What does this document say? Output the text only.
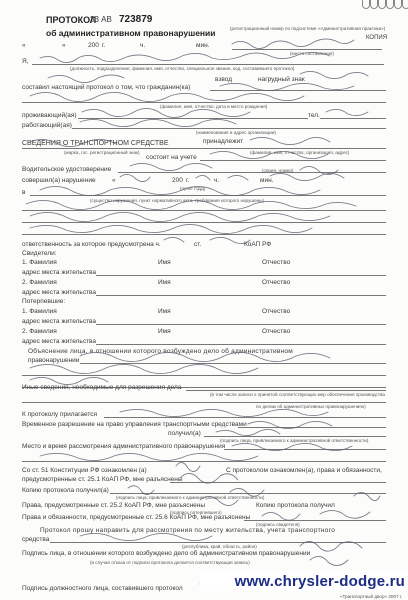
ПРОТОКОЛ
33 АВ 723879
(регистрационный номер по подсистеме «Административная практика»)
об административном правонарушении	КОПИЯ
«	»	200 г.	ч.	мин.
(место составления)
Я,
(должность, подразделение, фамилия, имя, отчество, специальное звание, код, составившего протокол)
взвод	нагрудный знак
составил настоящий протокол о том, что гражданин(ка)
(фамилия, имя, отчество, дата и место рождения)
проживающий(ая)	тел.
работающий(ая)
(наименование и адрес организации)
СВЕДЕНИЯ О ТРАНСПОРТНОМ СРЕДСТВЕ	принадлежит
(марка, гос. регистрационный знак)	(фамилия, имя, отчество, организация, адрес)
состоит на учете
Водительское удостоверение	(серия, номер)
совершил(а) нарушение	«	200 г.	ч.	мин.
в
(пункт ПДД)
(существо нарушения, пункт нормативного акта, требования которого нарушены)
ответственность за которое предусмотрена ч.	ст.	КоАП РФ
Свидетели:
1. Фамилия	Имя	Отчество
адрес места жительства
2. Фамилия	Имя	Отчество
адрес места жительства
Потерпевшие:
1. Фамилия	Имя	Отчество
адрес места жительства
2. Фамилия	Имя	Отчество
адрес места жительства
Объяснение лица, в отношении которого возбуждено дело об административном
правонарушении
Иные сведения, необходимые для разрешения дела
(в том числе записи о принятой соответствующих мер обеспечения производства
по делам об административных правонарушениях)
К протоколу прилагается
Временное разрешение на право управления транспортными средствами
получил(а)
(подпись лица, привлекаемого к административной ответственности)
Место и время рассмотрения административного правонарушения
Со ст. 51 Конституции РФ ознакомлен (а)	С протоколом ознакомлен(а), права и обязанности,
предусмотренные ст. 25.1 КоАП РФ, мне разъяснены
Копию протокола получил(а)
(подпись лица, привлекаемого к административной ответственности)
Права, предусмотренные ст. 25.2 КоАП РФ, мне разъяснены	Копию протокола получил
(подпись потерпевшего)
Права и обязанности, предусмотренные ст. 25.6 КоАП РФ, мне разъяснены
(подпись свидетеля)
Протокол прошу направить для рассмотрения по месту жительства, учета транспортного
средства
(республика, край, область, район)
Подпись лица, в отношении которого возбуждено дело об административном правонарушении
(в случае отказа от подписи протокола делается соответствующая запись)
Подпись должностного лица, составившего протокол
«Транспортный двор» 2007 г.
www.chrysler-dodge.ru
